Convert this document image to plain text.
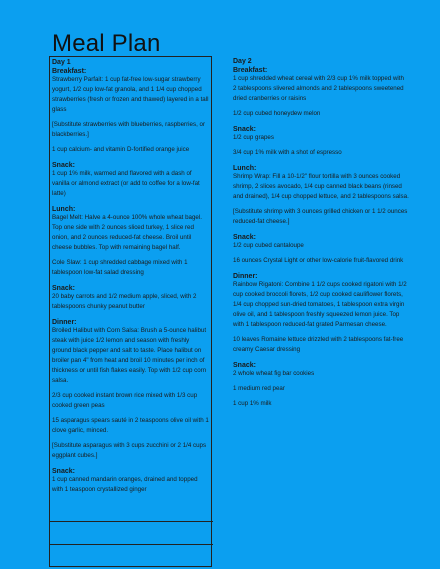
Meal Plan
Day 1
Breakfast:
Strawberry Parfait: 1 cup fat-free low-sugar strawberry yogurt, 1/2 cup low-fat granola, and 1 1/4 cup chopped strawberries (fresh or frozen and thawed) layered in a tall glass
[Substitute strawberries with blueberries, raspberries, or blackberries.]
1 cup calcium- and vitamin D-fortified orange juice
Snack:
1 cup 1% milk, warmed and flavored with a dash of vanilla or almond extract (or add to coffee for a low-fat latte)
Lunch:
Bagel Melt: Halve a 4-ounce 100% whole wheat bagel. Top one side with 2 ounces sliced turkey, 1 slice red onion, and 2 ounces reduced-fat cheese. Broil until cheese bubbles. Top with remaining bagel half.
Cole Slaw: 1 cup shredded cabbage mixed with 1 tablespoon low-fat salad dressing
Snack:
20 baby carrots and 1/2 medium apple, sliced, with 2 tablespoons chunky peanut butter
Dinner:
Broiled Halibut with Corn Salsa: Brush a 5-ounce halibut steak with juice 1/2 lemon and season with freshly ground black pepper and salt to taste. Place halibut on broiler pan 4" from heat and broil 10 minutes per inch of thickness or until fish flakes easily. Top with 1/2 cup corn salsa.
2/3 cup cooked instant brown rice mixed with 1/3 cup cooked green peas
15 asparagus spears sauté in 2 teaspoons olive oil with 1 clove garlic, minced.
[Substitute asparagus with 3 cups zucchini or 2 1/4 cups eggplant cubes.]
Snack:
1 cup canned mandarin oranges, drained and topped with 1 teaspoon crystallized ginger
Day 2
Breakfast:
1 cup shredded wheat cereal with 2/3 cup 1% milk topped with 2 tablespoons slivered almonds and 2 tablespoons sweetened dried cranberries or raisins
1/2 cup cubed honeydew melon
Snack:
1/2 cup grapes
3/4 cup 1% milk with a shot of espresso
Lunch:
Shrimp Wrap: Fill a 10-1/2" flour tortilla with 3 ounces cooked shrimp, 2 slices avocado, 1/4 cup canned black beans (rinsed and drained), 1/4 cup chopped lettuce, and 2 tablespoons salsa.
[Substitute shrimp with 3 ounces grilled chicken or 1 1/2 ounces reduced-fat cheese.]
Snack:
1/2 cup cubed cantaloupe
16 ounces Crystal Light or other low-calorie fruit-flavored drink
Dinner:
Rainbow Rigatoni: Combine 1 1/2 cups cooked rigatoni with 1/2 cup cooked broccoli florets, 1/2 cup cooked cauliflower florets, 1/4 cup chopped sun-dried tomatoes, 1 tablespoon extra virgin olive oil, and 1 tablespoon freshly squeezed lemon juice. Top with 1 tablespoon reduced-fat grated Parmesan cheese.
10 leaves Romaine lettuce drizzled with 2 tablespoons fat-free creamy Caesar dressing
Snack:
2 whole wheat fig bar cookies
1 medium red pear
1 cup 1% milk
